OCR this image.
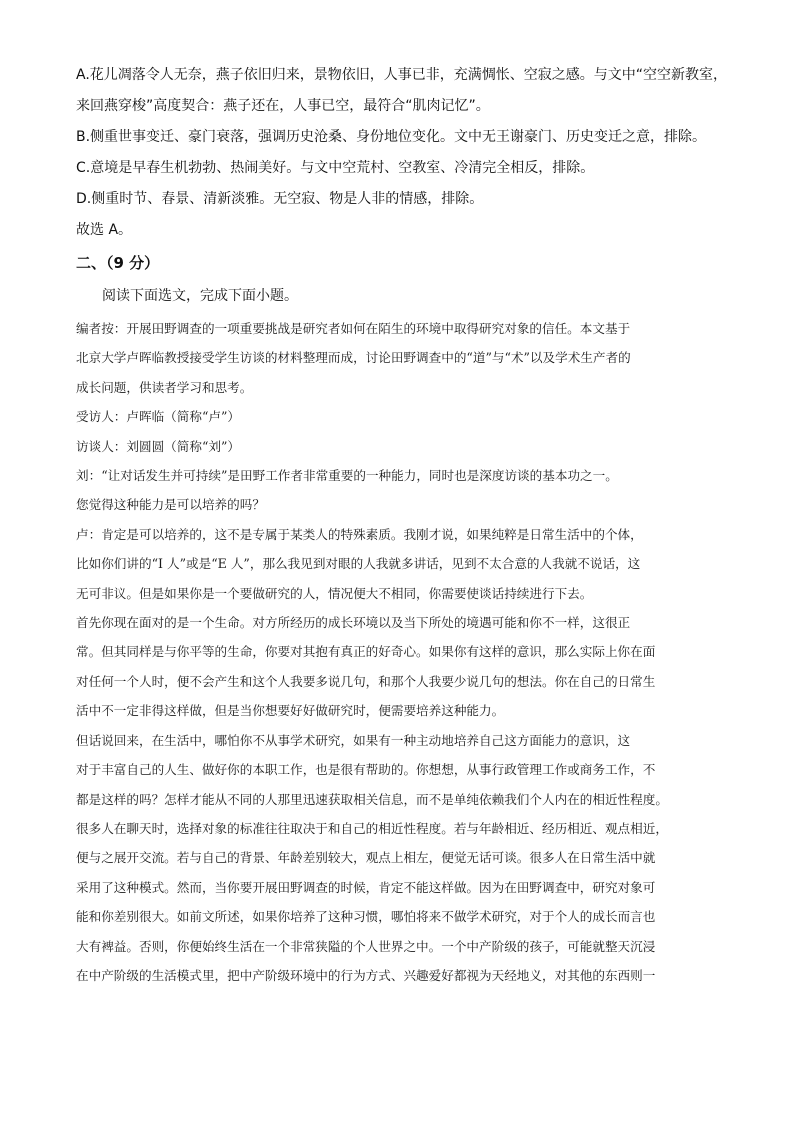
A.花儿凋落令人无奈，燕子依旧归来，景物依旧，人事已非，充满惆怅、空寂之感。与文中“空空新教室，

来回燕穿梭”高度契合：燕子还在，人事已空，最符合“肌肉记忆”。

B.侧重世事变迁、豪门衰落，强调历史沧桑、身份地位变化。文中无王谢豪门、历史变迁之意，排除。

C.意境是早春生机勃勃、热闹美好。与文中空荒村、空教室、冷清完全相反，排除。

D.侧重时节、春景、清新淡雅。无空寂、物是人非的情感，排除。

故选 A。

二、（9 分）
阅读下面选文，完成下面小题。

编者按：开展田野调查的一项重要挑战是研究者如何在陌生的环境中取得研究对象的信任。本文基于

北京大学卢晖临教授接受学生访谈的材料整理而成，讨论田野调查中的“道”与“术”以及学术生产者的

成长问题，供读者学习和思考。

受访人：卢晖临（简称“卢”）

访谈人：刘圆圆（简称“刘”）

刘：“让对话发生并可持续”是田野工作者非常重要的一种能力，同时也是深度访谈的基本功之一。

您觉得这种能力是可以培养的吗？

卢：肯定是可以培养的，这不是专属于某类人的特殊素质。我刚才说，如果纯粹是日常生活中的个体，

比如你们讲的“I 人”或是“E 人”，那么我见到对眼的人我就多讲话，见到不太合意的人我就不说话，这

无可非议。但是如果你是一个要做研究的人，情况便大不相同，你需要使谈话持续进行下去。

首先你现在面对的是一个生命。对方所经历的成长环境以及当下所处的境遇可能和你不一样，这很正

常。但其同样是与你平等的生命，你要对其抱有真正的好奇心。如果你有这样的意识，那么实际上你在面

对任何一个人时，便不会产生和这个人我要多说几句，和那个人我要少说几句的想法。你在自己的日常生

活中不一定非得这样做，但是当你想要好好做研究时，便需要培养这种能力。

但话说回来，在生活中，哪怕你不从事学术研究，如果有一种主动地培养自己这方面能力的意识，这

对于丰富自己的人生、做好你的本职工作，也是很有帮助的。你想想，从事行政管理工作或商务工作，不

都是这样的吗？怎样才能从不同的人那里迅速获取相关信息，而不是单纯依赖我们个人内在的相近性程度。

很多人在聊天时，选择对象的标准往往取决于和自己的相近性程度。若与年龄相近、经历相近、观点相近，

便与之展开交流。若与自己的背景、年龄差别较大，观点上相左，便觉无话可谈。很多人在日常生活中就

采用了这种模式。然而，当你要开展田野调查的时候，肯定不能这样做。因为在田野调查中，研究对象可

能和你差别很大。如前文所述，如果你培养了这种习惯，哪怕将来不做学术研究，对于个人的成长而言也

大有裨益。否则，你便始终生活在一个非常狭隘的个人世界之中。一个中产阶级的孩子，可能就整天沉浸

在中产阶级的生活模式里，把中产阶级环境中的行为方式、兴趣爱好都视为天经地义，对其他的东西则一
